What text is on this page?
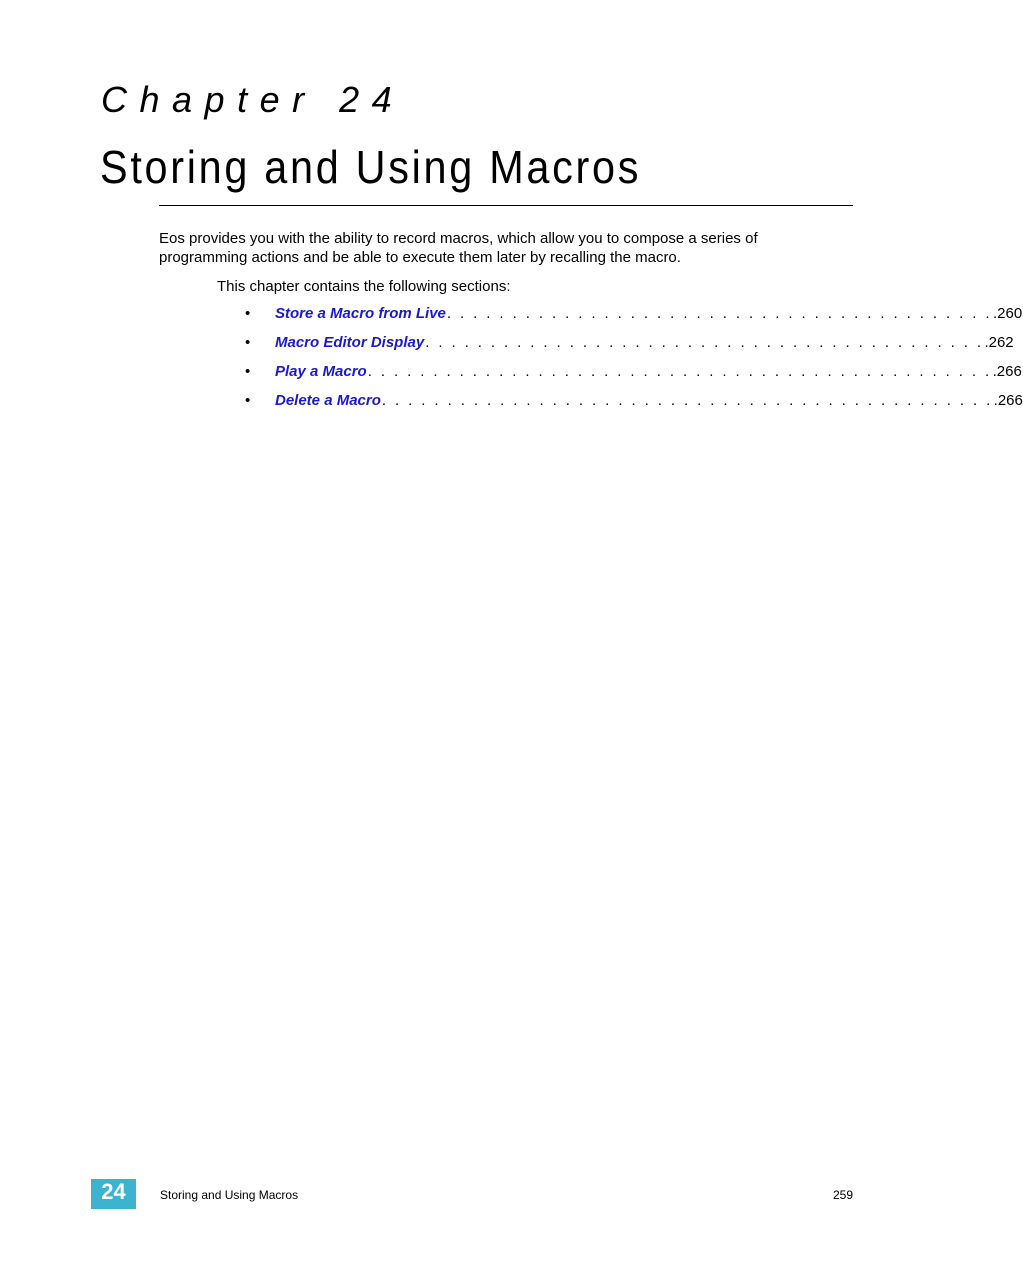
Chapter 24
Storing and Using Macros
Eos provides you with the ability to record macros, which allow you to compose a series of
programming actions and be able to execute them later by recalling the macro.
This chapter contains the following sections:
• Store a Macro from Live . . . . . . . . . . . . . . . . . . . . . . . . . . . . . . . . . . . . . . . . . . .260
• Macro Editor Display . . . . . . . . . . . . . . . . . . . . . . . . . . . . . . . . . . . . . . . . . . . .262
• Play a Macro . . . . . . . . . . . . . . . . . . . . . . . . . . . . . . . . . . . . . . . . . . . . . . . . .266
• Delete a Macro . . . . . . . . . . . . . . . . . . . . . . . . . . . . . . . . . . . . . . . . . . . . . . . .266
24	Storing and Using Macros	259
